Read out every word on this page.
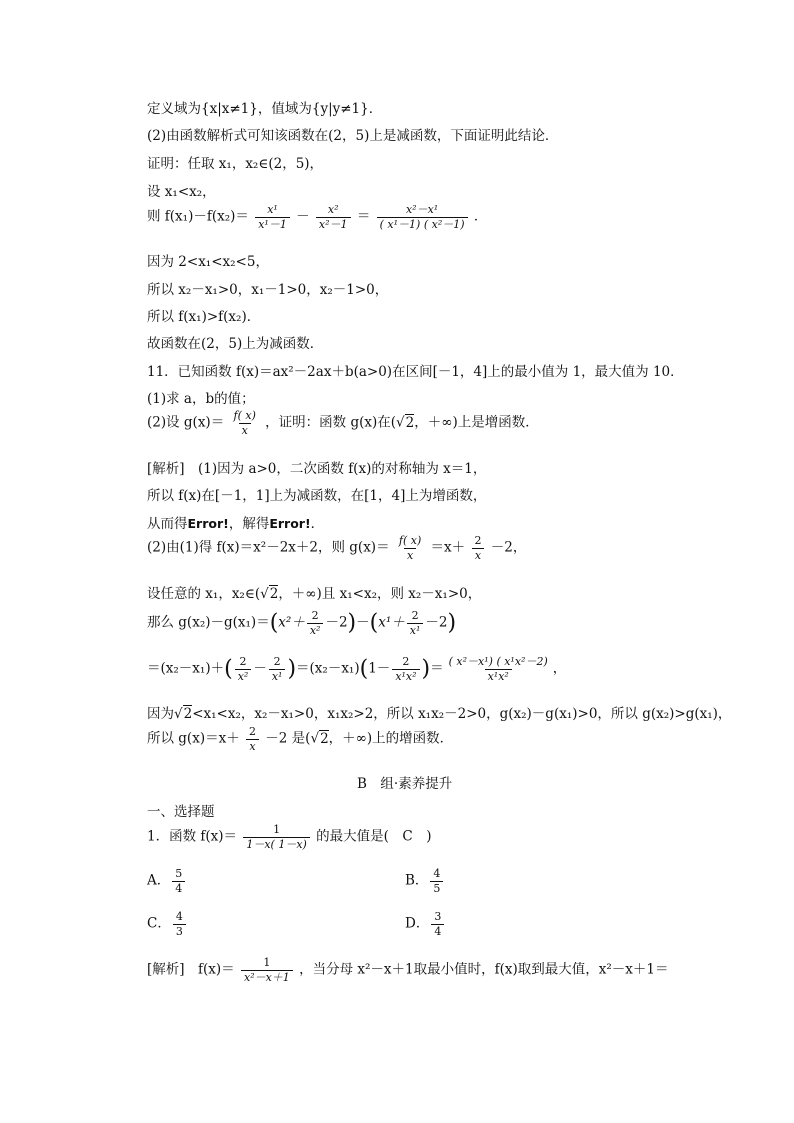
定义域为{x|x≠1}，值域为{y|y≠1}．
(2)由函数解析式可知该函数在(2，5)上是减函数，下面证明此结论．
证明：任取 x₁，x₂∈(2，5)，
设 x₁<x₂，
则 $f(x_1)-f(x_2)= \frac{\text{x¹}}{\text{x¹－1}} - \frac{\text{x²}}{\text{x²－1}} = \frac{\text{x²－x¹}}{\text{( x¹－1) ( x²－1)}}$ ．
因为 2<x₁<x₂<5，
所以 x₂－x₁>0，x₁－1>0，x₂－1>0，
所以 f(x₁)>f(x₂)．
故函数在(2，5)上为减函数．
11．已知函数 f(x)＝ax²－2ax＋b(a>0)在区间[－1，4]上的最小值为 1，最大值为 10．
(1)求 a，b的值；
(2)设 $g(x)= \frac{f( x)}{x}$ ，证明：函数 g(x)在(√2，＋∞)上是增函数．
[解析]　(1)因为 a>0，二次函数 f(x)的对称轴为 x＝1，
所以 f(x)在[－1，1]上为减函数，在[1，4]上为增函数，
从而得Error!，解得Error!．
(2)由(1)得 f(x)＝x²－2x＋2，则 $g(x)= \frac{f( x)}{x} =x+ \frac{2}{x} -2$，
设任意的 x₁，x₂∈(√2，＋∞)且 x₁<x₂，则 x₂－x₁>0，
那么 $g(x_2)-g(x_1)=(x^2+ \frac{2}{\text{x²}} -2)-(x^1+ \frac{2}{\text{x¹}} -2)$
$=(x_2-x_1)+( \frac{2}{\text{x²}} - \frac{2}{\text{x¹}} )=(x_2-x_1)(1- \frac{2}{\text{x¹x²}}$ )＝ $\frac{\text{( x²－x¹) ( x¹x²－2)}}{\text{x¹x²}}$ ，
因为√2<x₁<x₂，x₂－x₁>0，x₁x₂>2，所以 x₁x₂－2>0，g(x₂)－g(x₁)>0，所以 g(x₂)>g(x₁)，
所以 $g(x)=x+ \frac{2}{x} -2$ 是(√2，＋∞)上的增函数．
B　组·素养提升
一、选择题
1．函数 $f(x)= \frac{1}{1-x( 1-x)}$ 的最大值是(　C　)
A． $\frac{5}{4}$	B． $\frac{4}{5}$
C． $\frac{4}{3}$	D． $\frac{3}{4}$
[解析]　$f(x)= \frac{1}{\text{x²－x＋1}}$ ，当分母 x²－x＋1取最小值时，f(x)取到最大值，x²－x＋1＝
